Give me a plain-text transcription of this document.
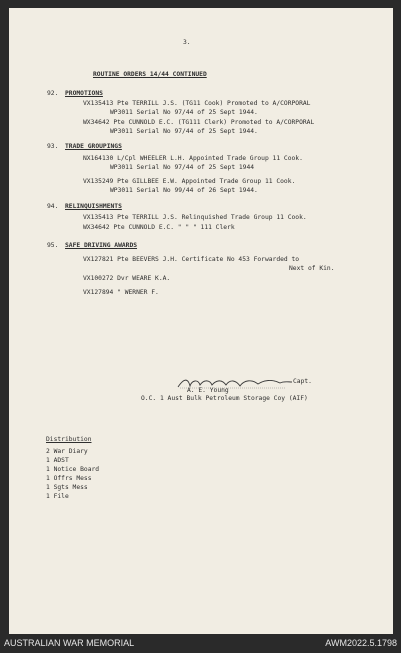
3.
ROUTINE ORDERS 14/44 CONTINUED
92. PROMOTIONS
VX135413 Pte TERRILL J.S. (TG11 Cook) Promoted to A/CORPORAL
WP3011 Serial No 97/44 of 25 Sept 1944.
WX34642 Pte CUNNOLD E.C. (TG111 Clerk) Promoted to A/CORPORAL
WP3011 Serial No 97/44 of 25 Sept 1944.
93. TRADE GROUPINGS
NX164130 L/Cpl WHEELER L.H. Appointed Trade Group 11 Cook.
WP3011 Serial No 97/44 of 25 Sept 1944
VX135249 Pte GILLBEE E.W. Appointed Trade Group 11 Cook.
WP3011 Serial No 99/44 of 26 Sept 1944.
94. RELINQUISHMENTS
VX135413 Pte TERRILL J.S. Relinquished Trade Group 11 Cook.
WX34642 Pte CUNNOLD E.C. " " " 111 Clerk
95. SAFE DRIVING AWARDS
VX127821 Pte BEEVERS J.H. Certificate No 453 Forwarded to
Next of Kin.
VX100272 Dvr WEARE K.A.
VX127894 " WERNER F.
Capt.
A. E. Young
O.C. 1 Aust Bulk Petroleum Storage Coy (AIF)
Distribution
2 War Diary
1 ADST
1 Notice Board
1 Offrs Mess
1 Sgts Mess
1 File
AUSTRALIAN WAR MEMORIAL	AWM2022.5.1798
